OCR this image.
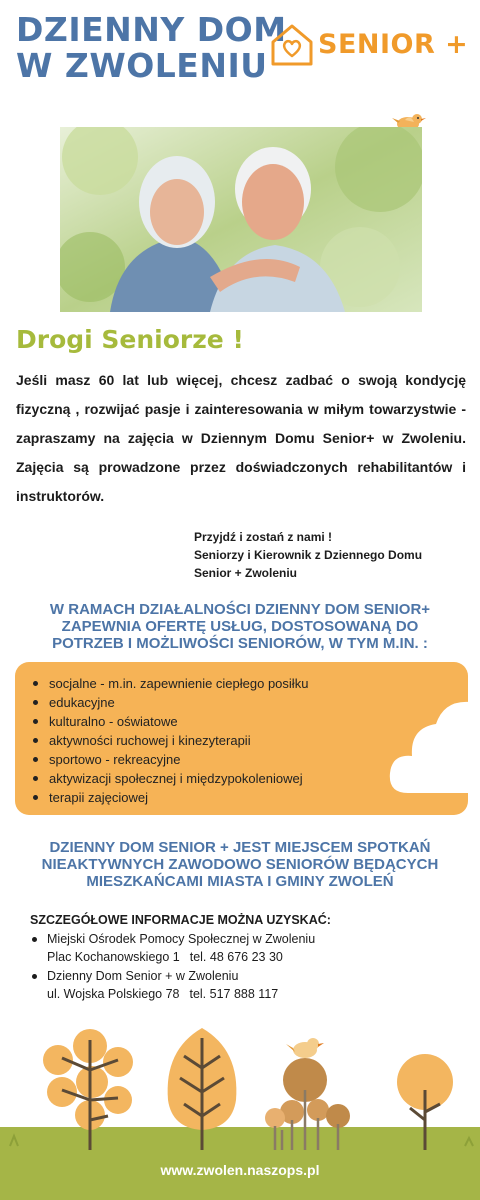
DZIENNY DOM
W ZWOLENIU
SENIOR +
Drogi Seniorze !
Jeśli masz 60 lat lub więcej, chcesz zadbać o swoją kondycję fizyczną , rozwijać pasje i zainteresowania w miłym towarzystwie - zapraszamy na zajęcia w Dziennym Domu Senior+ w Zwoleniu. Zajęcia są prowadzone przez doświadczonych rehabilitantów i instruktorów.
Przyjdź i zostań z nami !
Seniorzy i Kierownik z Dziennego Domu
Senior + Zwoleniu
W RAMACH DZIAŁALNOŚCI DZIENNY DOM SENIOR+
ZAPEWNIA OFERTĘ USŁUG, DOSTOSOWANĄ DO
POTRZEB I MOŻLIWOŚCI SENIORÓW, W TYM M.IN. :
socjalne - m.in. zapewnienie ciepłego posiłku
edukacyjne
kulturalno - oświatowe
aktywności ruchowej i kinezyterapii
sportowo - rekreacyjne
aktywizacji społecznej i międzypokoleniowej
terapii zajęciowej
DZIENNY DOM SENIOR + JEST MIEJSCEM SPOTKAŃ
NIEAKTYWNYCH ZAWODOWO SENIORÓW BĘDĄCYCH
MIESZKAŃCAMI MIASTA I GMINY ZWOLEŃ
SZCZEGÓŁOWE INFORMACJE MOŻNA UZYSKAĆ:
Miejski Ośrodek Pomocy Społecznej w Zwoleniu
Plac Kochanowskiego 1 tel. 48 676 23 30
Dzienny Dom Senior + w Zwoleniu
ul. Wojska Polskiego 78 tel. 517 888 117
www.zwolen.naszops.pl
